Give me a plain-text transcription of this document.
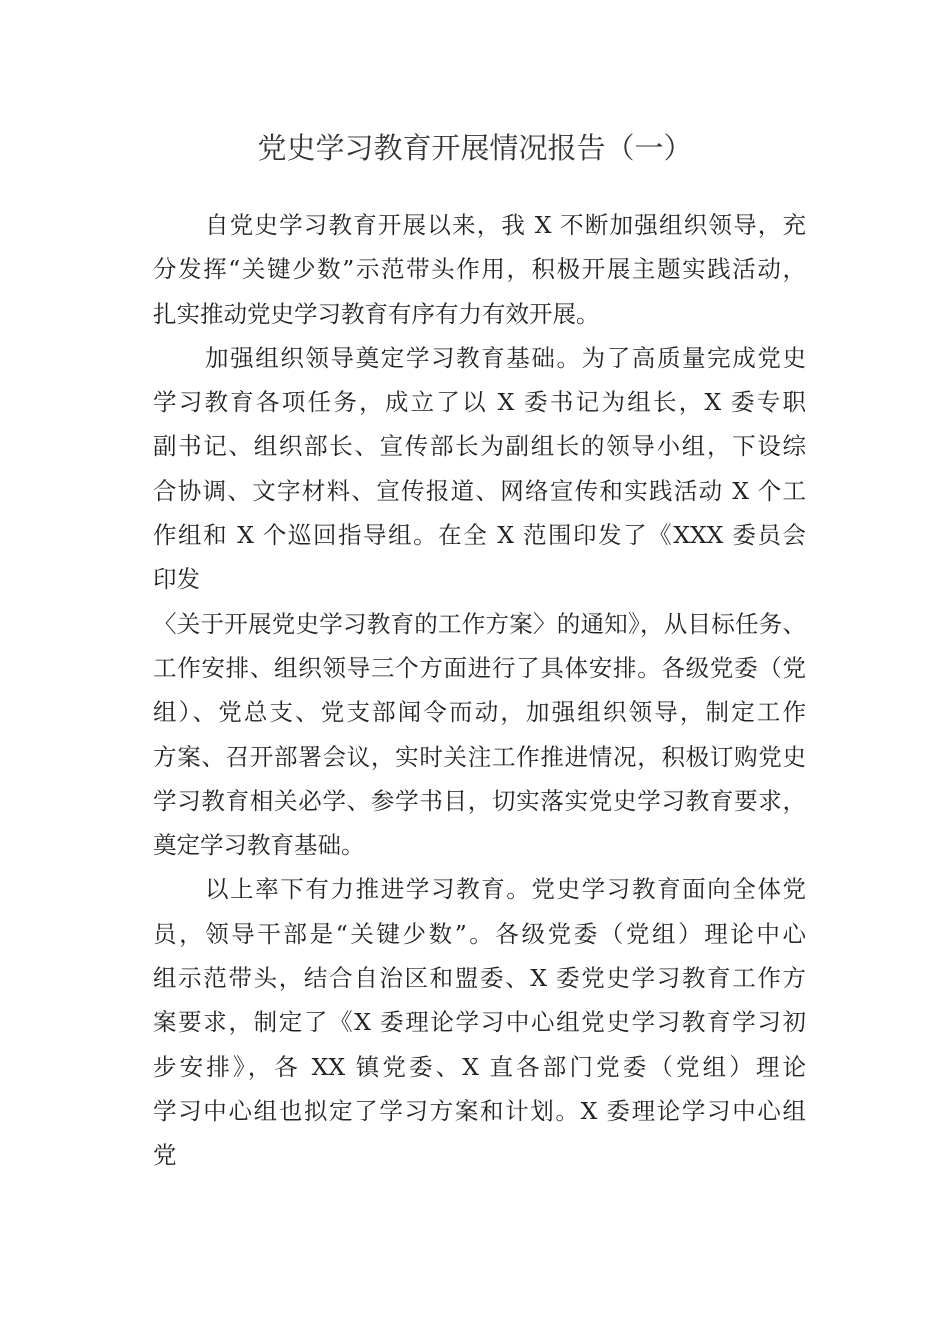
党史学习教育开展情况报告（一）
自党史学习教育开展以来，我 X 不断加强组织领导，充
分发挥“关键少数”示范带头作用，积极开展主题实践活动，
扎实推动党史学习教育有序有力有效开展。
加强组织领导奠定学习教育基础。为了高质量完成党史
学习教育各项任务，成立了以 X 委书记为组长，X 委专职
副书记、组织部长、宣传部长为副组长的领导小组，下设综
合协调、文字材料、宣传报道、网络宣传和实践活动 X 个工
作组和 X 个巡回指导组。在全 X 范围印发了《XXX 委员会
印发
〈关于开展党史学习教育的工作方案〉的通知》，从目标任务、
工作安排、组织领导三个方面进行了具体安排。各级党委（党
组）、党总支、党支部闻令而动，加强组织领导，制定工作
方案、召开部署会议，实时关注工作推进情况，积极订购党史
学习教育相关必学、参学书目，切实落实党史学习教育要求，
奠定学习教育基础。
以上率下有力推进学习教育。党史学习教育面向全体党
员，领导干部是“关键少数”。各级党委（党组）理论中心
组示范带头，结合自治区和盟委、X 委党史学习教育工作方
案要求，制定了《X 委理论学习中心组党史学习教育学习初
步安排》，各 XX 镇党委、X 直各部门党委（党组）理论
学习中心组也拟定了学习方案和计划。X 委理论学习中心组
党
